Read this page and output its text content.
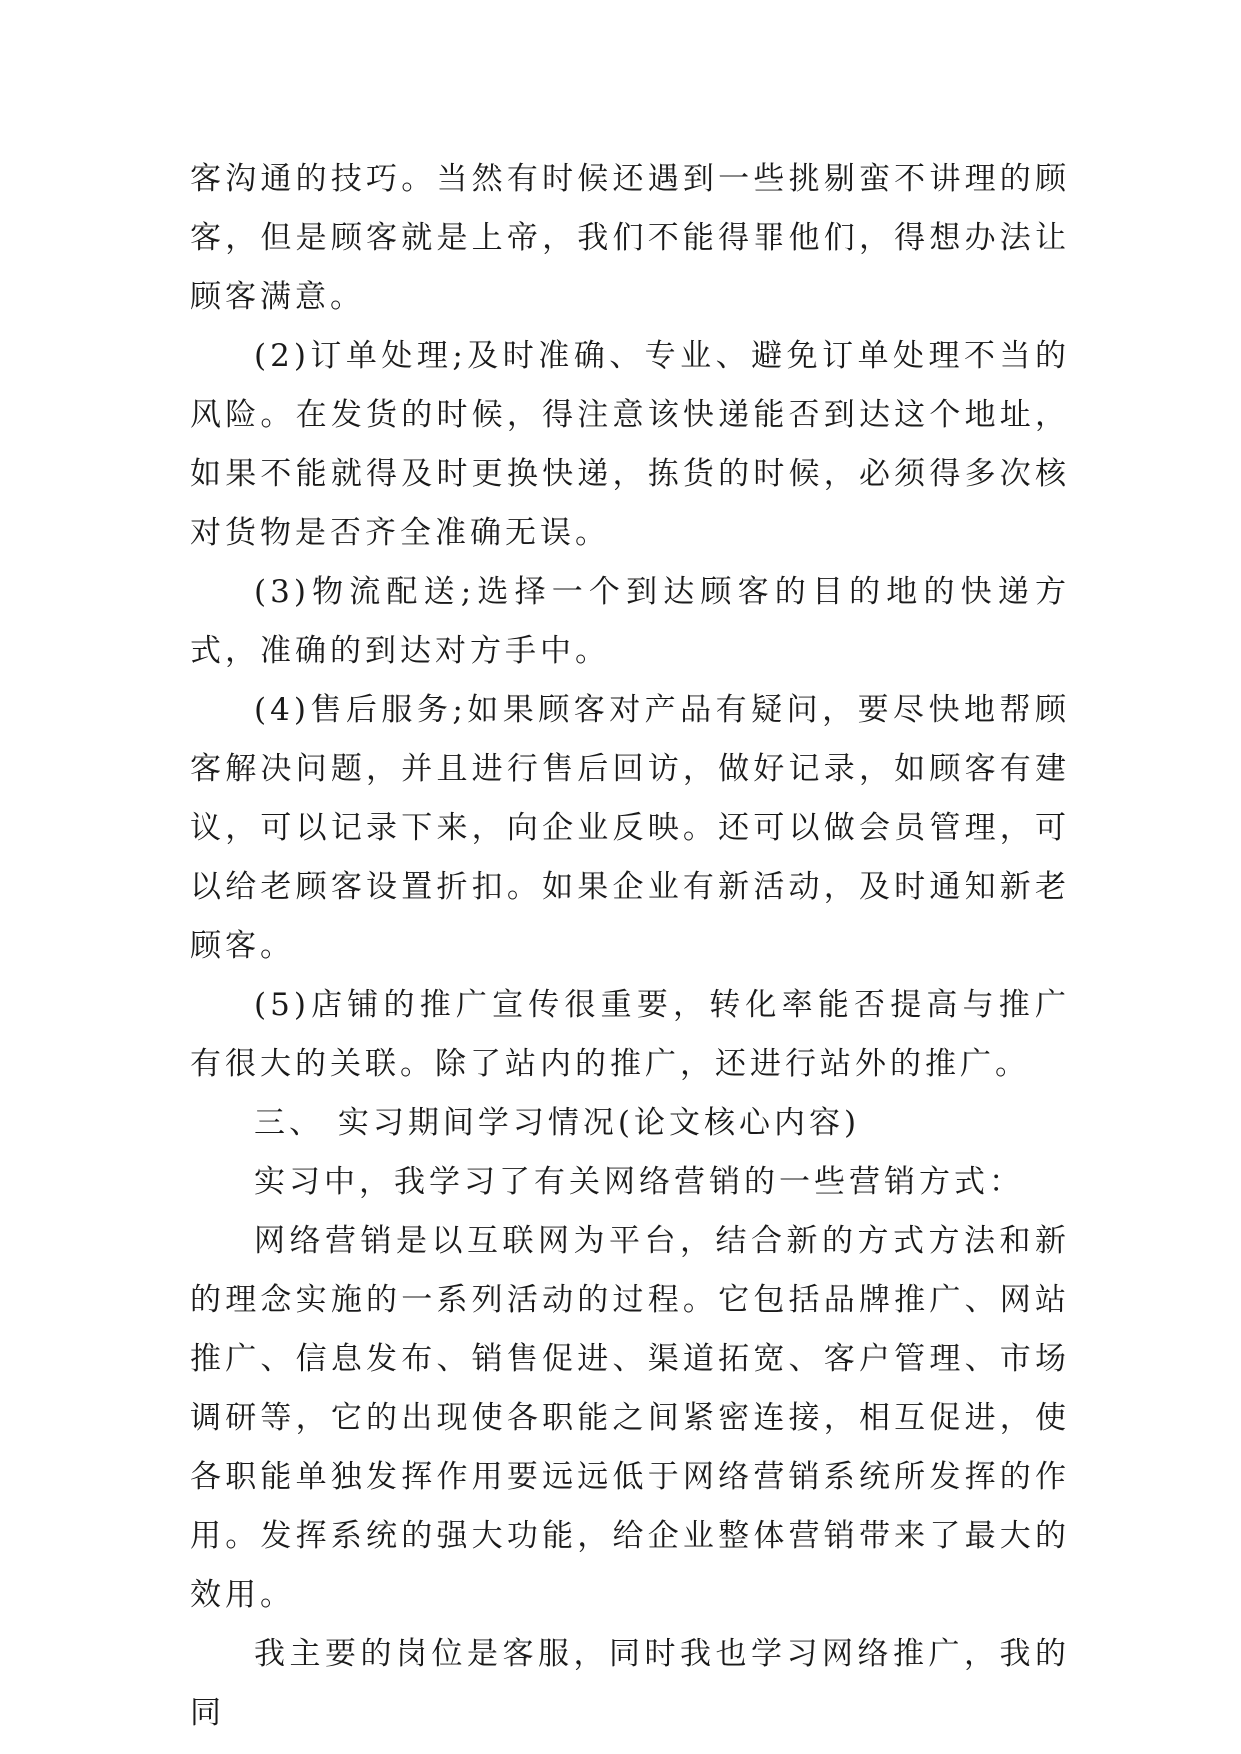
客沟通的技巧。当然有时候还遇到一些挑剔蛮不讲理的顾客，但是顾客就是上帝，我们不能得罪他们，得想办法让顾客满意。

(2)订单处理;及时准确、专业、避免订单处理不当的风险。在发货的时候，得注意该快递能否到达这个地址，如果不能就得及时更换快递，拣货的时候，必须得多次核对货物是否齐全准确无误。

(3)物流配送;选择一个到达顾客的目的地的快递方式，准确的到达对方手中。

(4)售后服务;如果顾客对产品有疑问，要尽快地帮顾客解决问题，并且进行售后回访，做好记录，如顾客有建议，可以记录下来，向企业反映。还可以做会员管理，可以给老顾客设置折扣。如果企业有新活动，及时通知新老顾客。

(5)店铺的推广宣传很重要，转化率能否提高与推广有很大的关联。除了站内的推广，还进行站外的推广。

三、 实习期间学习情况(论文核心内容)

实习中，我学习了有关网络营销的一些营销方式：

网络营销是以互联网为平台，结合新的方式方法和新的理念实施的一系列活动的过程。它包括品牌推广、网站推广、信息发布、销售促进、渠道拓宽、客户管理、市场调研等，它的出现使各职能之间紧密连接，相互促进，使各职能单独发挥作用要远远低于网络营销系统所发挥的作用。发挥系统的强大功能，给企业整体营销带来了最大的效用。

我主要的岗位是客服，同时我也学习网络推广，我的同
